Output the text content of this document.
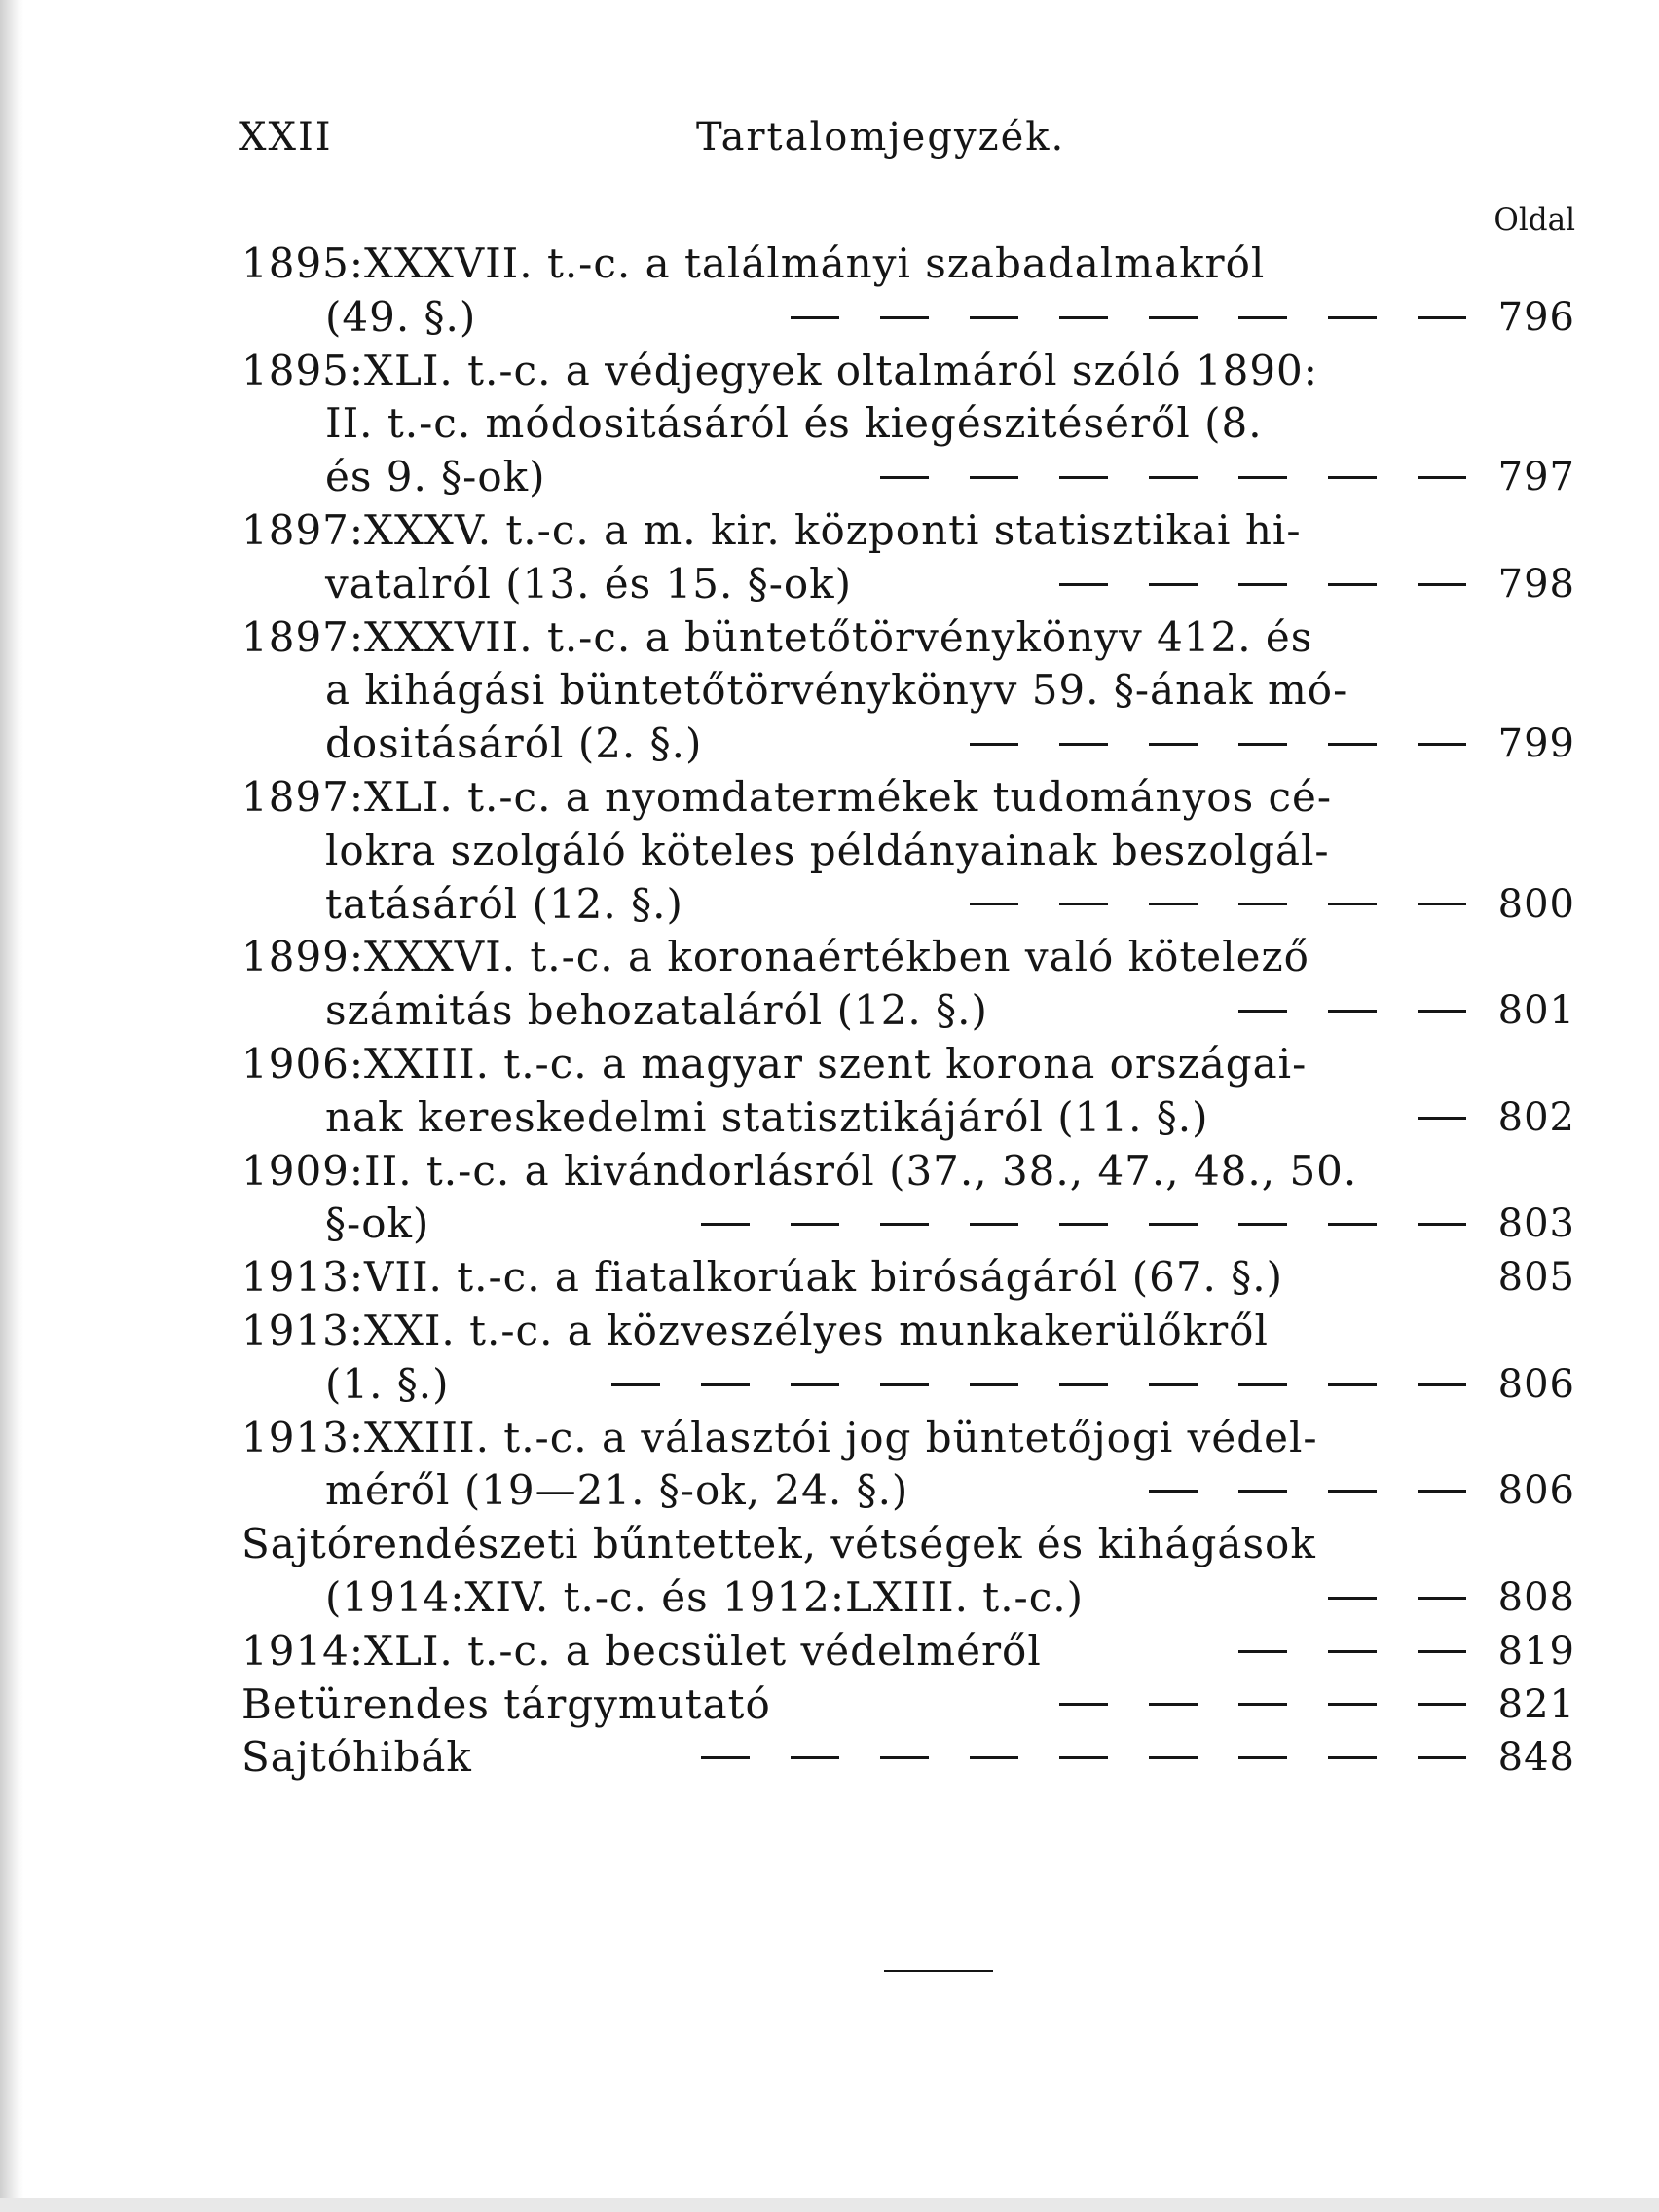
XXII	Tartalomjegyzék.
Oldal
1895:XXXVII. t.-c. a találmányi szabadalmakról
(49. §.)	796
1895:XLI. t.-c. a védjegyek oltalmáról szóló 1890:
II. t.-c. módositásáról és kiegészitéséről (8.
és 9. §-ok)	797
1897:XXXV. t.-c. a m. kir. központi statisztikai hi-
vatalról (13. és 15. §-ok)	798
1897:XXXVII. t.-c. a büntetőtörvénykönyv 412. és
a kihágási büntetőtörvénykönyv 59. §-ának mó-
dositásáról (2. §.)	799
1897:XLI. t.-c. a nyomdatermékek tudományos cé-
lokra szolgáló köteles példányainak beszolgál-
tatásáról (12. §.)	800
1899:XXXVI. t.-c. a koronaértékben való kötelező
számitás behozataláról (12. §.)	801
1906:XXIII. t.-c. a magyar szent korona országai-
nak kereskedelmi statisztikájáról (11. §.)	802
1909:II. t.-c. a kivándorlásról (37., 38., 47., 48., 50.
§-ok)	803
1913:VII. t.-c. a fiatalkorúak biróságáról (67. §.)	805
1913:XXI. t.-c. a közveszélyes munkakerülőkről
(1. §.)	806
1913:XXIII. t.-c. a választói jog büntetőjogi védel-
méről (19—21. §-ok, 24. §.)	806
Sajtórendészeti bűntettek, vétségek és kihágások
(1914:XIV. t.-c. és 1912:LXIII. t.-c.)	808
1914:XLI. t.-c. a becsület védelméről	819
Betürendes tárgymutató	821
Sajtóhibák	848
